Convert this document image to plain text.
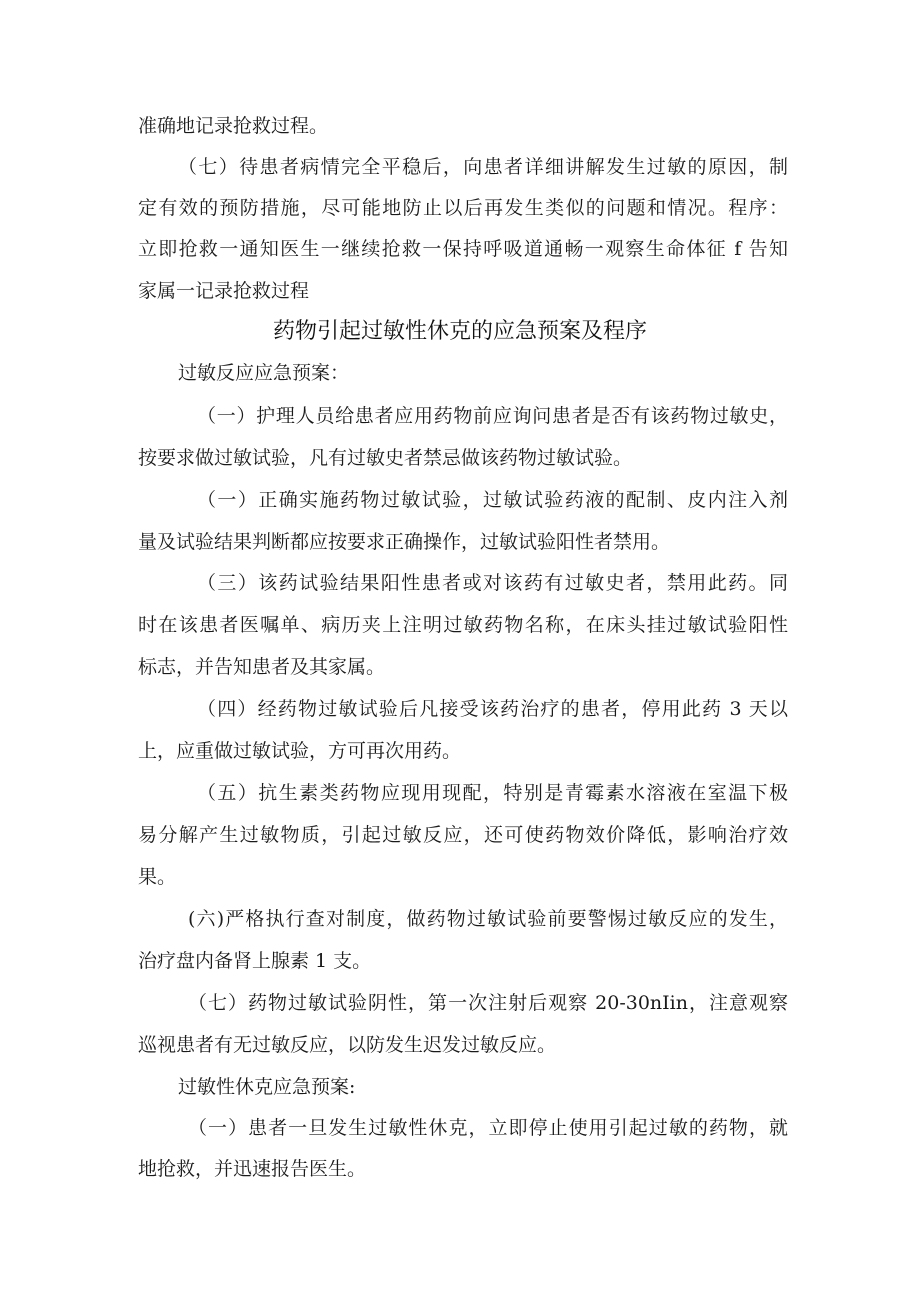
准确地记录抢救过程。
（七）待患者病情完全平稳后，向患者详细讲解发生过敏的原因，制
定有效的预防措施，尽可能地防止以后再发生类似的问题和情况。程序：
立即抢救一通知医生一继续抢救一保持呼吸道通畅一观察生命体征 f 告知
家属一记录抢救过程
药物引起过敏性休克的应急预案及程序
过敏反应应急预案：
（一）护理人员给患者应用药物前应询问患者是否有该药物过敏史，
按要求做过敏试验，凡有过敏史者禁忌做该药物过敏试验。
（一）正确实施药物过敏试验，过敏试验药液的配制、皮内注入剂
量及试验结果判断都应按要求正确操作，过敏试验阳性者禁用。
（三）该药试验结果阳性患者或对该药有过敏史者，禁用此药。同
时在该患者医嘱单、病历夹上注明过敏药物名称，在床头挂过敏试验阳性
标志，并告知患者及其家属。
（四）经药物过敏试验后凡接受该药治疗的患者，停用此药 3 天以
上，应重做过敏试验，方可再次用药。
（五）抗生素类药物应现用现配，特别是青霉素水溶液在室温下极
易分解产生过敏物质，引起过敏反应，还可使药物效价降低，影响治疗效
果。
(六)严格执行查对制度，做药物过敏试验前要警惕过敏反应的发生，
治疗盘内备肾上腺素 1 支。
（七）药物过敏试验阴性，第一次注射后观察 20-30nIin，注意观察
巡视患者有无过敏反应，以防发生迟发过敏反应。
过敏性休克应急预案:
（一）患者一旦发生过敏性休克，立即停止使用引起过敏的药物，就
地抢救，并迅速报告医生。
